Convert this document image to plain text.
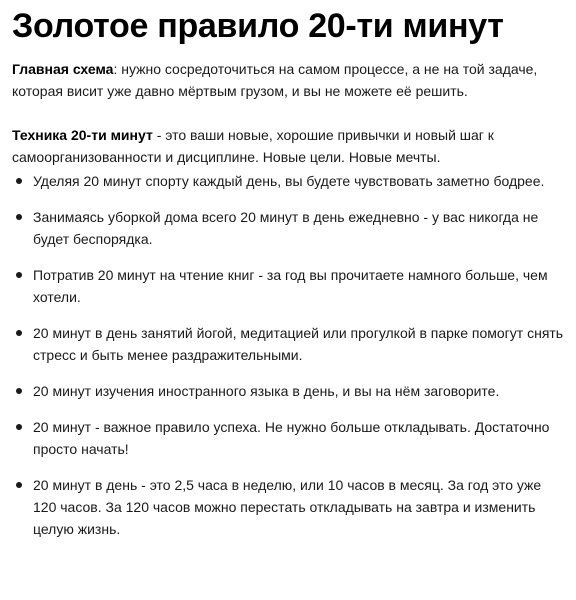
Золотое правило 20-ти минут

Главная схема: нужно сосредоточиться на самом процессе, а не на той задаче, которая висит уже давно мёртвым грузом, и вы не можете её решить.

Техника 20-ти минут - это ваши новые, хорошие привычки и новый шаг к самоорганизованности и дисциплине. Новые цели. Новые мечты.

Уделяя 20 минут спорту каждый день, вы будете чувствовать заметно бодрее.
Занимаясь уборкой дома всего 20 минут в день ежедневно - у вас никогда не будет беспорядка.
Потратив 20 минут на чтение книг - за год вы прочитаете намного больше, чем хотели.
20 минут в день занятий йогой, медитацией или прогулкой в парке помогут снять стресс и быть менее раздражительными.
20 минут изучения иностранного языка в день, и вы на нём заговорите.
20 минут - важное правило успеха. Не нужно больше откладывать. Достаточно просто начать!
20 минут в день - это 2,5 часа в неделю, или 10 часов в месяц. За год это уже 120 часов. За 120 часов можно перестать откладывать на завтра и изменить целую жизнь.
